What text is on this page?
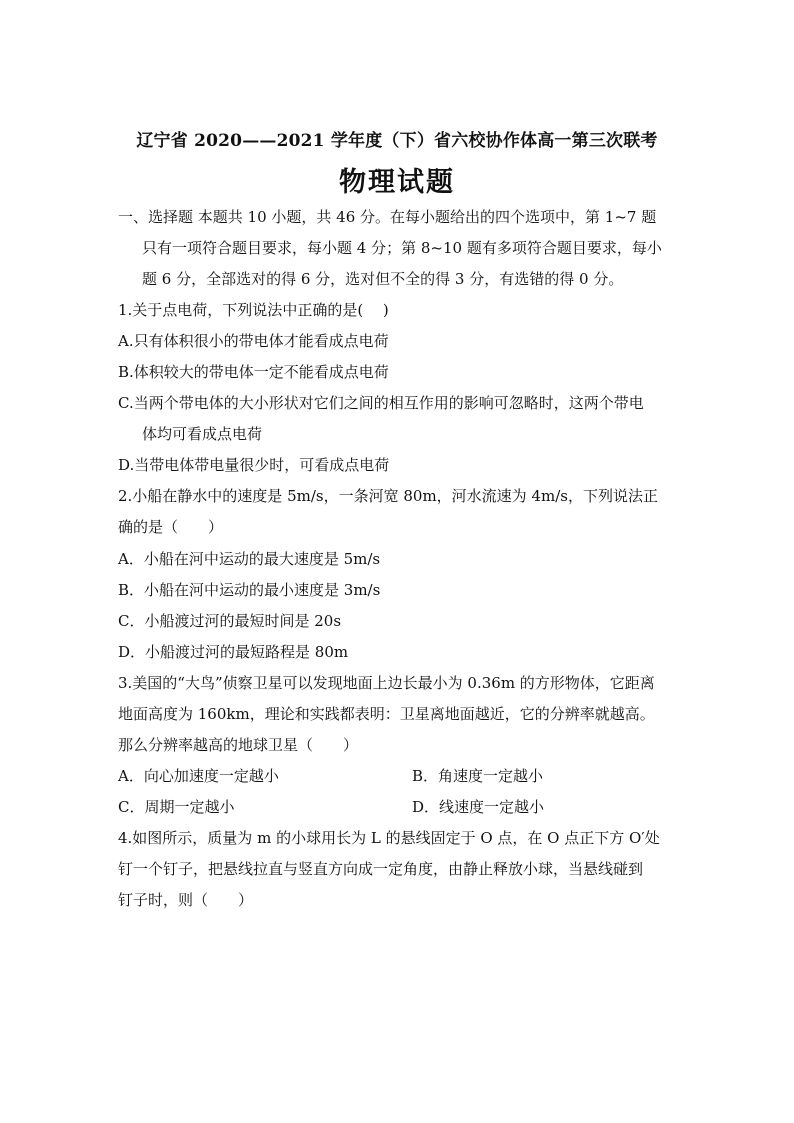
辽宁省 2020——2021 学年度（下）省六校协作体高一第三次联考
物理试题
一、选择题 本题共 10 小题，共 46 分。在每小题给出的四个选项中，第 1~7 题
只有一项符合题目要求，每小题 4 分；第 8~10 题有多项符合题目要求，每小
题 6 分，全部选对的得 6 分，选对但不全的得 3 分，有选错的得 0 分。
1.关于点电荷，下列说法中正确的是(　 )
A.只有体积很小的带电体才能看成点电荷
B.体积较大的带电体一定不能看成点电荷
C.当两个带电体的大小形状对它们之间的相互作用的影响可忽略时，这两个带电
体均可看成点电荷
D.当带电体带电量很少时，可看成点电荷
2.小船在静水中的速度是 5m/s，一条河宽 80m，河水流速为 4m/s，下列说法正
确的是（　　）
A．小船在河中运动的最大速度是 5m/s
B．小船在河中运动的最小速度是 3m/s
C．小船渡过河的最短时间是 20s
D．小船渡过河的最短路程是 80m
3.美国的“大鸟”侦察卫星可以发现地面上边长最小为 0.36m 的方形物体，它距离
地面高度为 160km，理论和实践都表明：卫星离地面越近，它的分辨率就越高。
那么分辨率越高的地球卫星（　　）
A．向心加速度一定越小	B．角速度一定越小
C．周期一定越小	D．线速度一定越小
4.如图所示，质量为 m 的小球用长为 L 的悬线固定于 O 点，在 O 点正下方 O′处
钉一个钉子，把悬线拉直与竖直方向成一定角度，由静止释放小球，当悬线碰到
钉子时，则（　　）
